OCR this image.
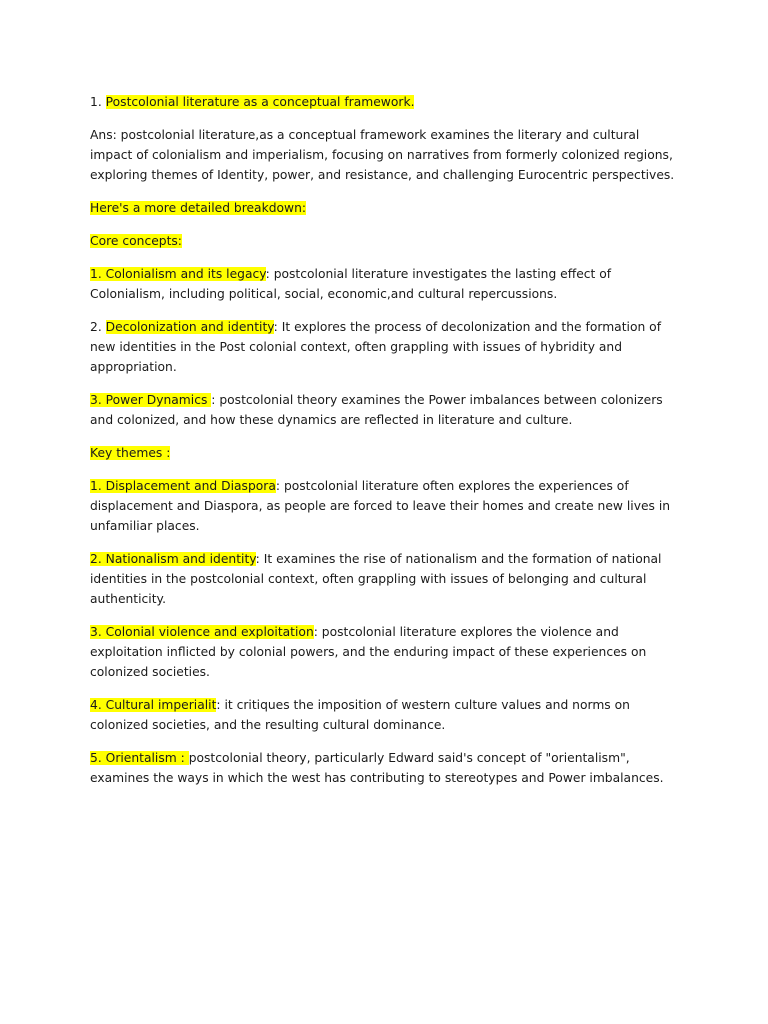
1. Postcolonial literature as a conceptual framework.

Ans: postcolonial literature,as a conceptual framework examines the literary and cultural impact of colonialism and imperialism, focusing on narratives from formerly colonized regions, exploring themes of Identity, power, and resistance, and challenging Eurocentric perspectives.

Here's a more detailed breakdown:

Core concepts:

1. Colonialism and its legacy: postcolonial literature investigates the lasting effect of Colonialism, including political, social, economic,and cultural repercussions.

2. Decolonization and identity: It explores the process of decolonization and the formation of new identities in the Post colonial context, often grappling with issues of hybridity and appropriation.

3. Power Dynamics : postcolonial theory examines the Power imbalances between colonizers and colonized, and how these dynamics are reflected in literature and culture.

Key themes :

1. Displacement and Diaspora: postcolonial literature often explores the experiences of displacement and Diaspora, as people are forced to leave their homes and create new lives in unfamiliar places.

2. Nationalism and identity: It examines the rise of nationalism and the formation of national identities in the postcolonial context, often grappling with issues of belonging and cultural authenticity.

3. Colonial violence and exploitation: postcolonial literature explores the violence and exploitation inflicted by colonial powers, and the enduring impact of these experiences on colonized societies.

4. Cultural imperialit: it critiques the imposition of western culture values and norms on colonized societies, and the resulting cultural dominance.

5. Orientalism : postcolonial theory, particularly Edward said's concept of "orientalism", examines the ways in which the west has contributing to stereotypes and Power imbalances.
